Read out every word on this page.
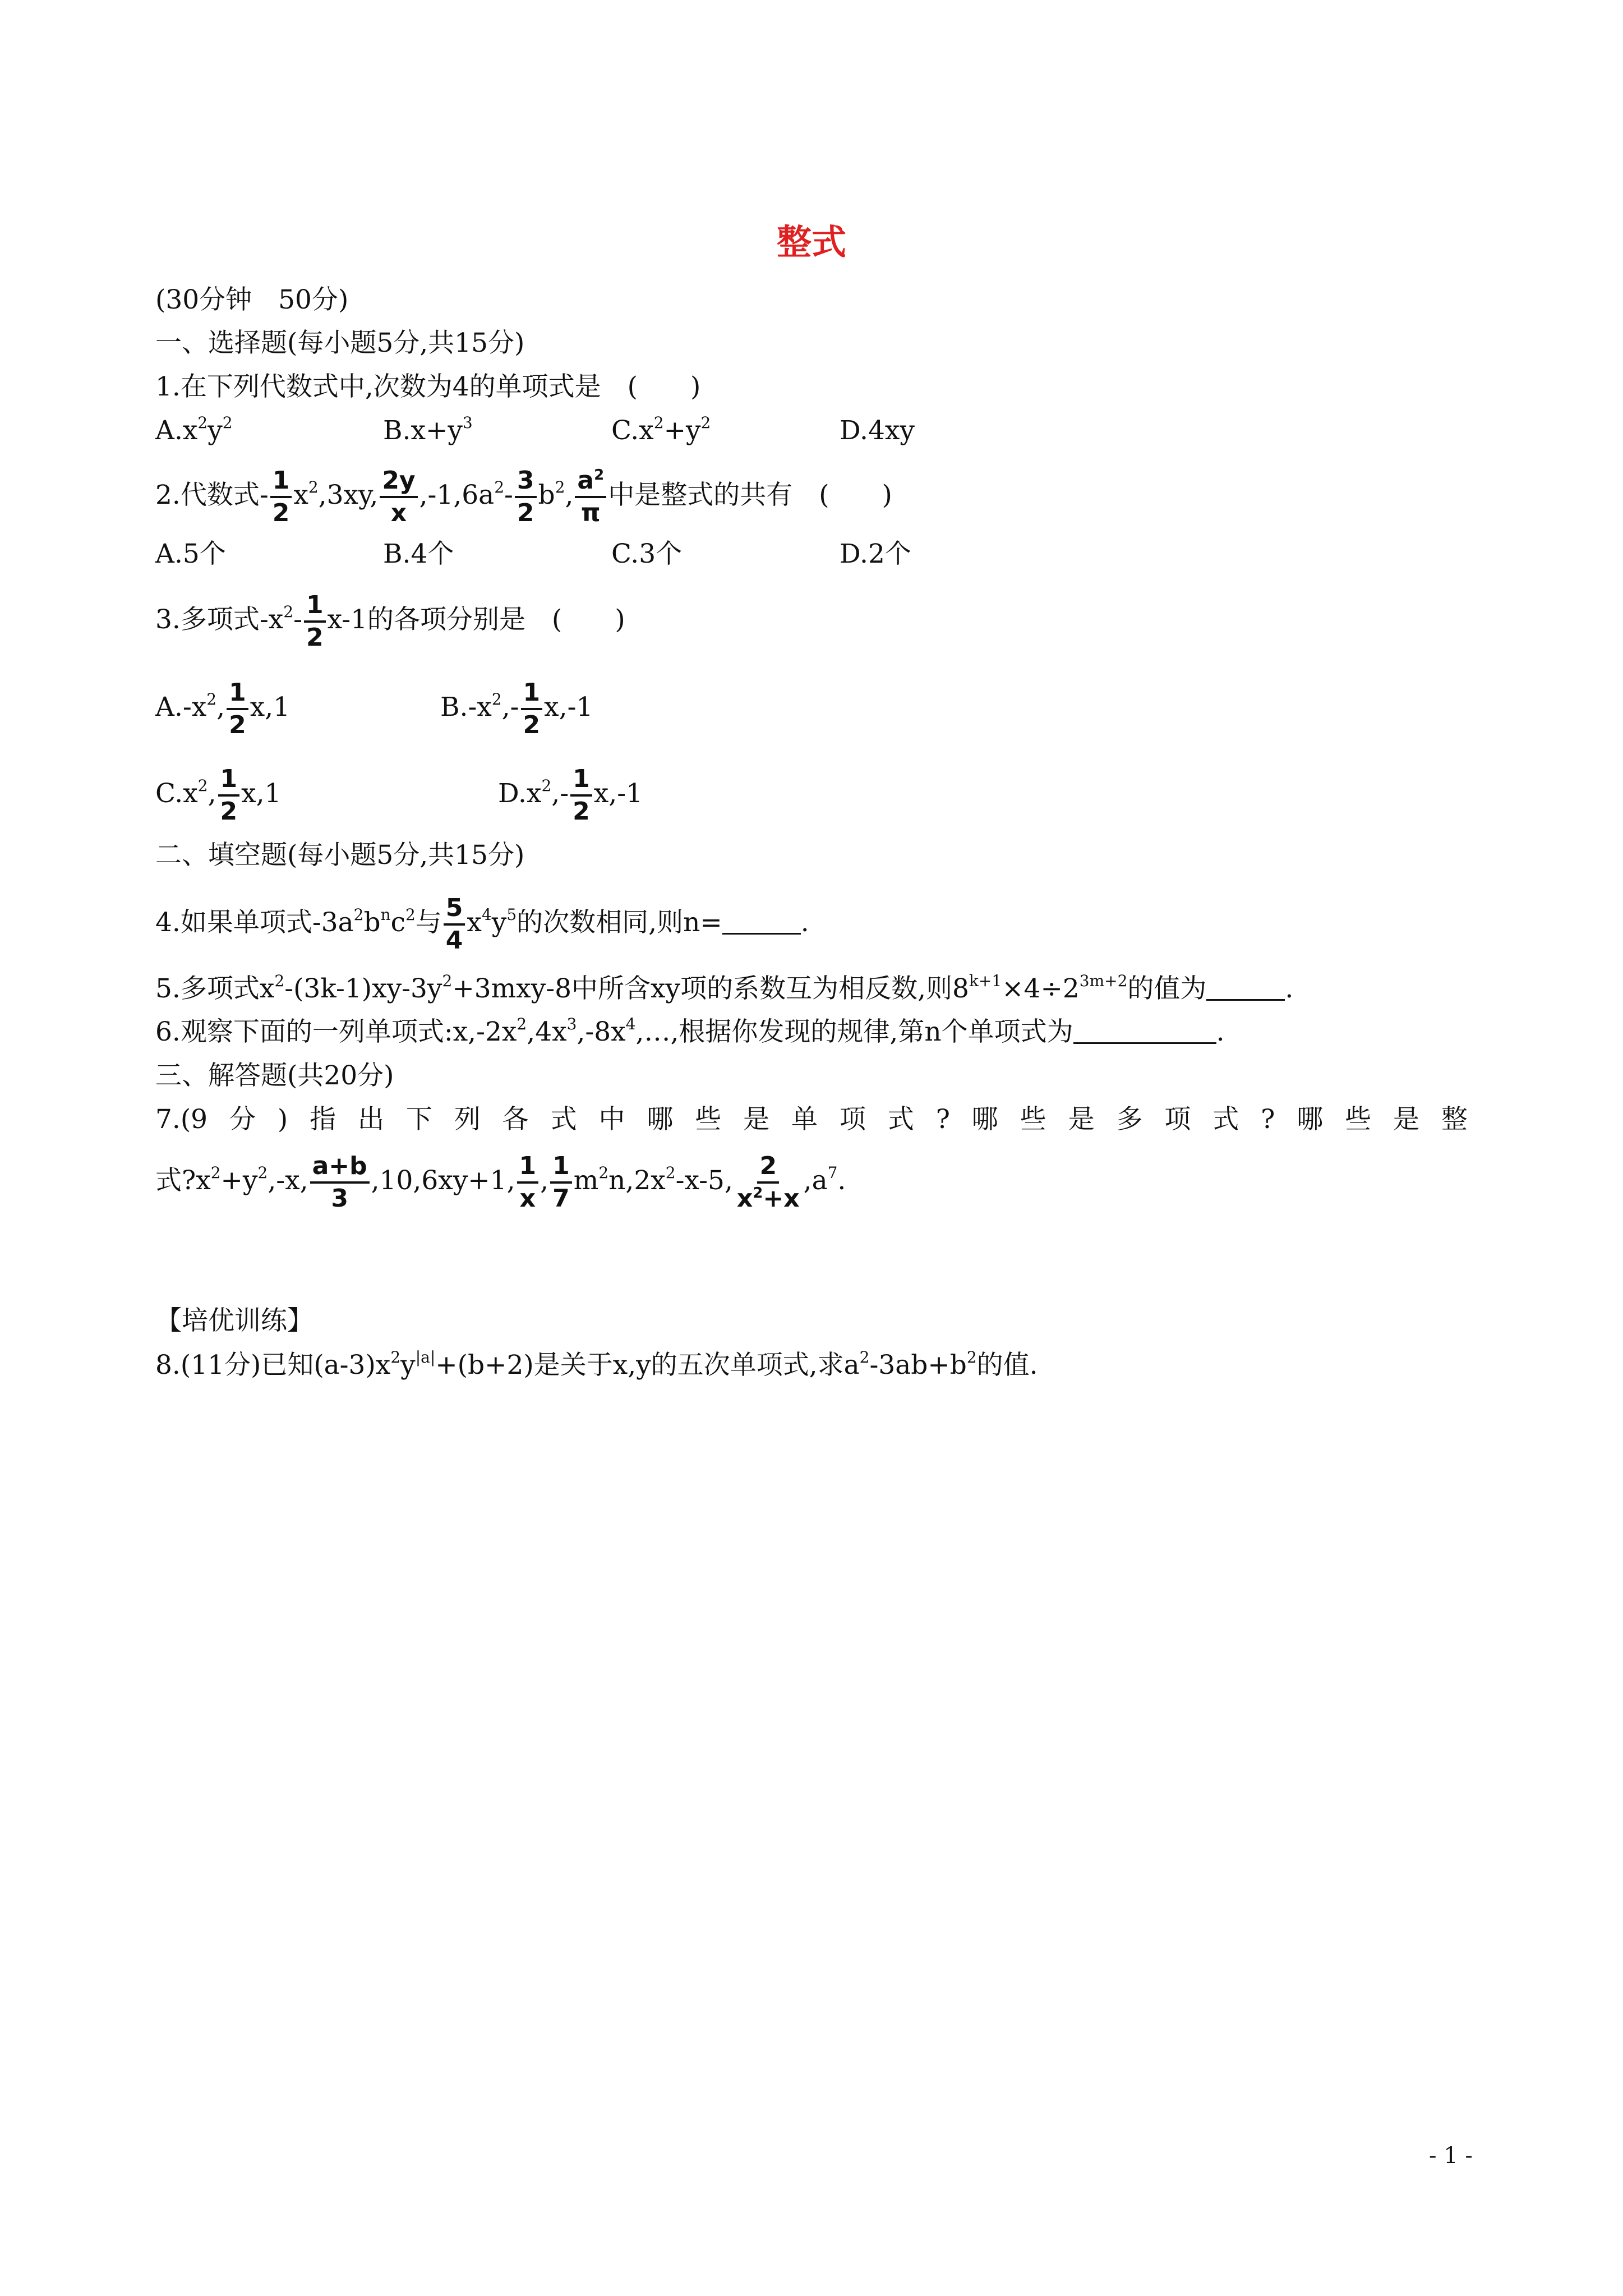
整式
(30分钟　50分)
一、选择题(每小题5分,共15分)
1.在下列代数式中,次数为4的单项式是　(　　)
$A.x^2y^2$	$B.x+y^3$	$C.x^2+y^2$	D.4xy
2.代数式- $\frac{1}{2} x^2,3xy$, $\frac{2y}{x} ,-1,6a^2- \frac{3}{2} b^2$, $\frac{a^2}{\pi}$ 中是整式的共有　(　　)
A.5个	B.4个	C.3个	D.2个
3.多项式$-x^2- \frac{1}{2} x-1$的各项分别是　(　　)
$A.-x^2$, $\frac{1}{2} x,1$	$B.-x^2,- \frac{1}{2} x,-1$
$C.x^2$, $\frac{1}{2} x,1$	$D.x^2,- \frac{1}{2} x,-1$
二、填空题(每小题5分,共15分)
4.如果单项式$-3a^2b^nc^2$与 $\frac{5}{4} x^4y^5$的次数相同,则n=	.
5.多项式$x^2-(3k-1)xy-3y^2+3mxy-8$中所含xy项的系数互为相反数,则$8^{k+1}\times 4\div 2^{3m+2}$的值为	.
6.观察下面的一列单项式$:x,-2x^2,4x^3,-8x^4,\dots$,根据你发现的规律,第n个单项式为	.
三、解答题(共20分)
7.(9 分 ) 指 出 下 列 各 式 中 哪 些 是 单 项 式 ? 哪 些 是 多 项 式 ? 哪 些 是 整
式$?x^2+y^2,-x$, $\frac{a+b}{3} ,10,6xy+1$, $\frac{1}{x}$ , $\frac{1}{7} m^2n,2x^2-x-5$, $\frac{2}{x^2+x} ,a^7$.
【培优训练】
8.(11分)已知$(a-3)x^2y^{|a|}+(b+2)$是关于x,y的五次单项式,求$a^2-3ab+b^2$的值.
- 1 -
